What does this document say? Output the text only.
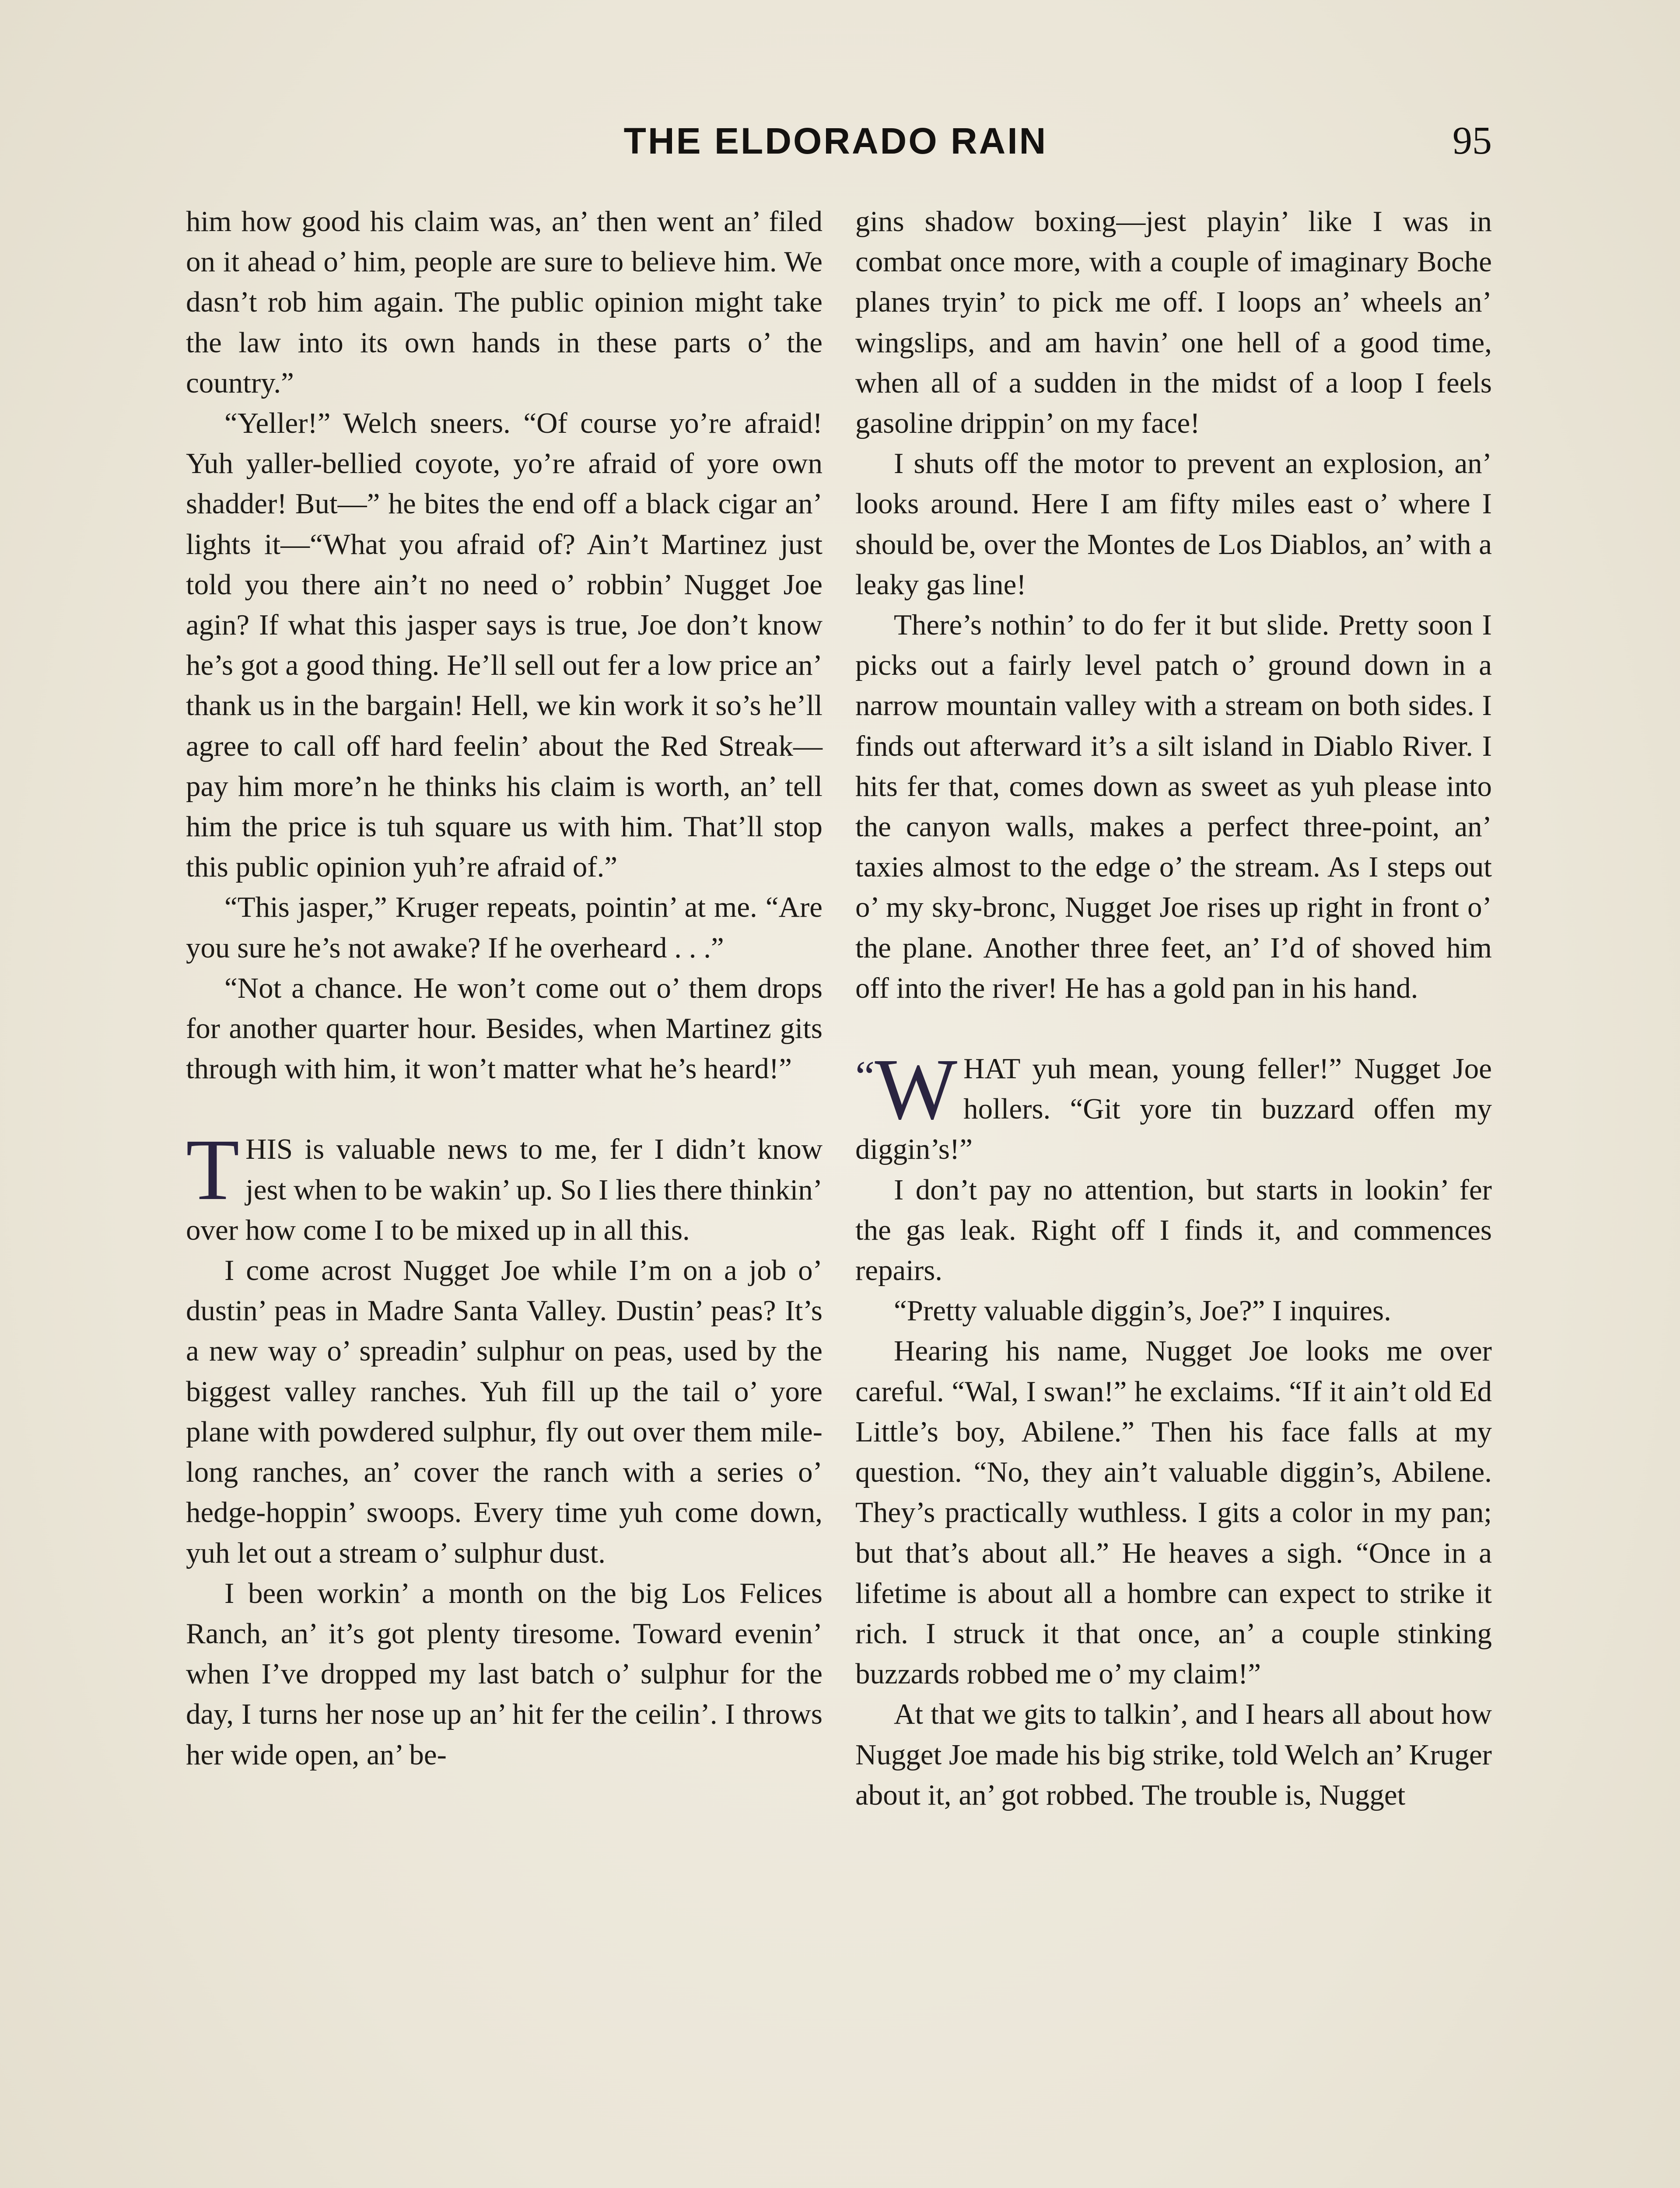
THE ELDORADO RAIN	95

him how good his claim was, an’ then went an’ filed on it ahead o’ him, people are sure to believe him. We dasn’t rob him again. The public opinion might take the law into its own hands in these parts o’ the country.”

“Yeller!” Welch sneers. “Of course yo’re afraid! Yuh yaller-bellied coyote, yo’re afraid of yore own shadder! But—” he bites the end off a black cigar an’ lights it—“What you afraid of? Ain’t Martinez just told you there ain’t no need o’ robbin’ Nugget Joe agin? If what this jasper says is true, Joe don’t know he’s got a good thing. He’ll sell out fer a low price an’ thank us in the bargain! Hell, we kin work it so’s he’ll agree to call off hard feelin’ about the Red Streak—pay him more’n he thinks his claim is worth, an’ tell him the price is tuh square us with him. That’ll stop this public opinion yuh’re afraid of.”

“This jasper,” Kruger repeats, pointin’ at me. “Are you sure he’s not awake? If he overheard . . .”

“Not a chance. He won’t come out o’ them drops for another quarter hour. Besides, when Martinez gits through with him, it won’t matter what he’s heard!”

THIS is valuable news to me, fer I didn’t know jest when to be wakin’ up. So I lies there thinkin’ over how come I to be mixed up in all this.

I come acrost Nugget Joe while I’m on a job o’ dustin’ peas in Madre Santa Valley. Dustin’ peas? It’s a new way o’ spreadin’ sulphur on peas, used by the biggest valley ranches. Yuh fill up the tail o’ yore plane with powdered sulphur, fly out over them mile-long ranches, an’ cover the ranch with a series o’ hedge-hoppin’ swoops. Every time yuh come down, yuh let out a stream o’ sulphur dust.

I been workin’ a month on the big Los Felices Ranch, an’ it’s got plenty tiresome. Toward evenin’ when I’ve dropped my last batch o’ sulphur for the day, I turns her nose up an’ hit fer the ceilin’. I throws her wide open, an’ be-

gins shadow boxing—jest playin’ like I was in combat once more, with a couple of imaginary Boche planes tryin’ to pick me off. I loops an’ wheels an’ wingslips, and am havin’ one hell of a good time, when all of a sudden in the midst of a loop I feels gasoline drippin’ on my face!

I shuts off the motor to prevent an explosion, an’ looks around. Here I am fifty miles east o’ where I should be, over the Montes de Los Diablos, an’ with a leaky gas line!

There’s nothin’ to do fer it but slide. Pretty soon I picks out a fairly level patch o’ ground down in a narrow mountain valley with a stream on both sides. I finds out afterward it’s a silt island in Diablo River. I hits fer that, comes down as sweet as yuh please into the canyon walls, makes a perfect three-point, an’ taxies almost to the edge o’ the stream. As I steps out o’ my sky-bronc, Nugget Joe rises up right in front o’ the plane. Another three feet, an’ I’d of shoved him off into the river! He has a gold pan in his hand.

“W HAT yuh mean, young feller!” Nugget Joe hollers. “Git yore tin buzzard offen my diggin’s!”

I don’t pay no attention, but starts in lookin’ fer the gas leak. Right off I finds it, and commences repairs.

“Pretty valuable diggin’s, Joe?” I inquires.

Hearing his name, Nugget Joe looks me over careful. “Wal, I swan!” he exclaims. “If it ain’t old Ed Little’s boy, Abilene.” Then his face falls at my question. “No, they ain’t valuable diggin’s, Abilene. They’s practically wuthless. I gits a color in my pan; but that’s about all.” He heaves a sigh. “Once in a lifetime is about all a hombre can expect to strike it rich. I struck it that once, an’ a couple stinking buzzards robbed me o’ my claim!”

At that we gits to talkin’, and I hears all about how Nugget Joe made his big strike, told Welch an’ Kruger about it, an’ got robbed. The trouble is, Nugget
